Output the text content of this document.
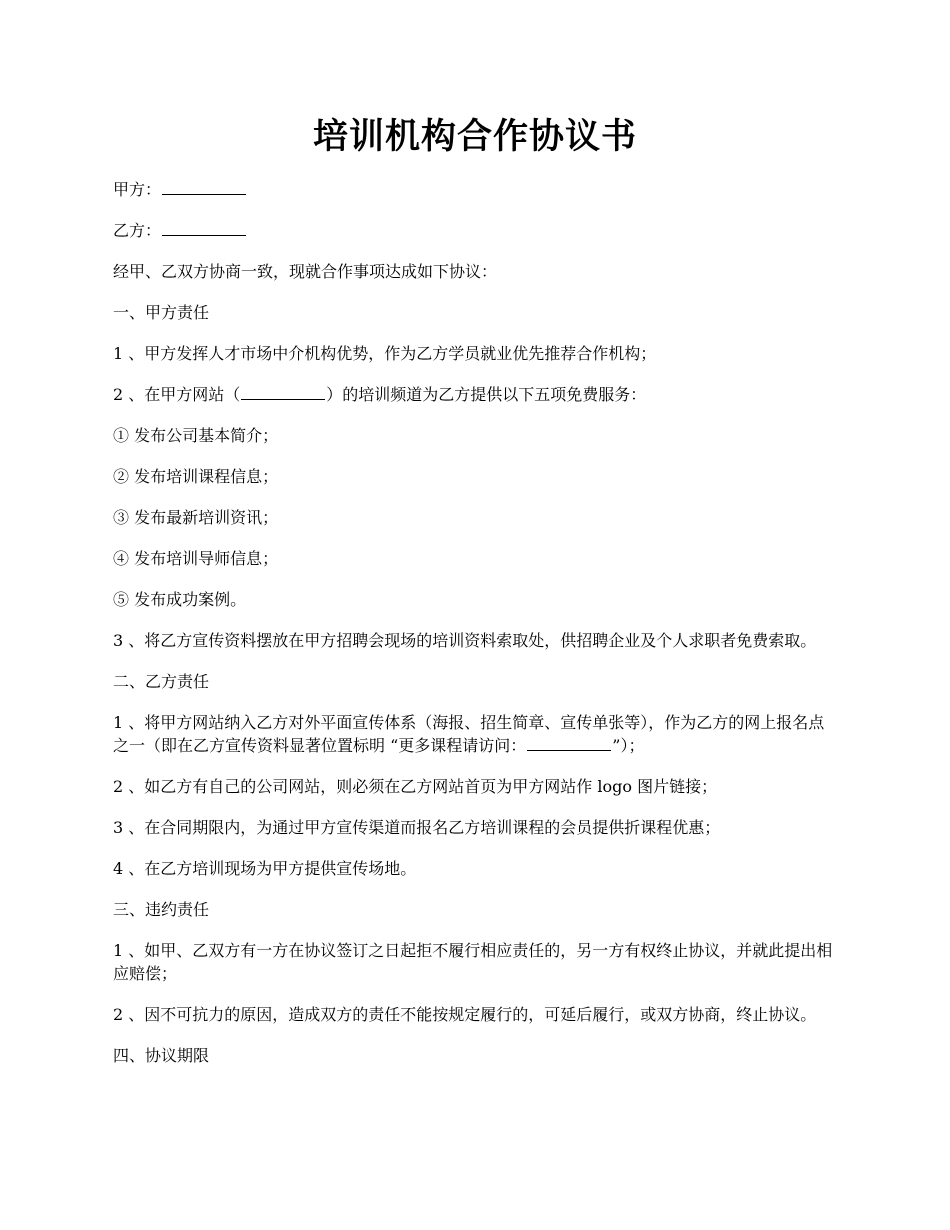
培训机构合作协议书

甲方：

乙方：

经甲、乙双方协商一致，现就合作事项达成如下协议：

一、甲方责任

1 、甲方发挥人才市场中介机构优势，作为乙方学员就业优先推荐合作机构；

2 、在甲方网站（	）的培训频道为乙方提供以下五项免费服务：

① 发布公司基本简介；

② 发布培训课程信息；

③ 发布最新培训资讯；

④ 发布培训导师信息；

⑤ 发布成功案例。

3 、将乙方宣传资料摆放在甲方招聘会现场的培训资料索取处，供招聘企业及个人求职者免费索取。

二、乙方责任

1 、将甲方网站纳入乙方对外平面宣传体系（海报、招生简章、宣传单张等），作为乙方的网上报名点之一（即在乙方宣传资料显著位置标明 “更多课程请访问：	”）；

2 、如乙方有自己的公司网站，则必须在乙方网站首页为甲方网站作 logo 图片链接；

3 、在合同期限内，为通过甲方宣传渠道而报名乙方培训课程的会员提供折课程优惠；

4 、在乙方培训现场为甲方提供宣传场地。

三、违约责任

1 、如甲、乙双方有一方在协议签订之日起拒不履行相应责任的，另一方有权终止协议，并就此提出相应赔偿；

2 、因不可抗力的原因，造成双方的责任不能按规定履行的，可延后履行，或双方协商，终止协议。

四、协议期限
